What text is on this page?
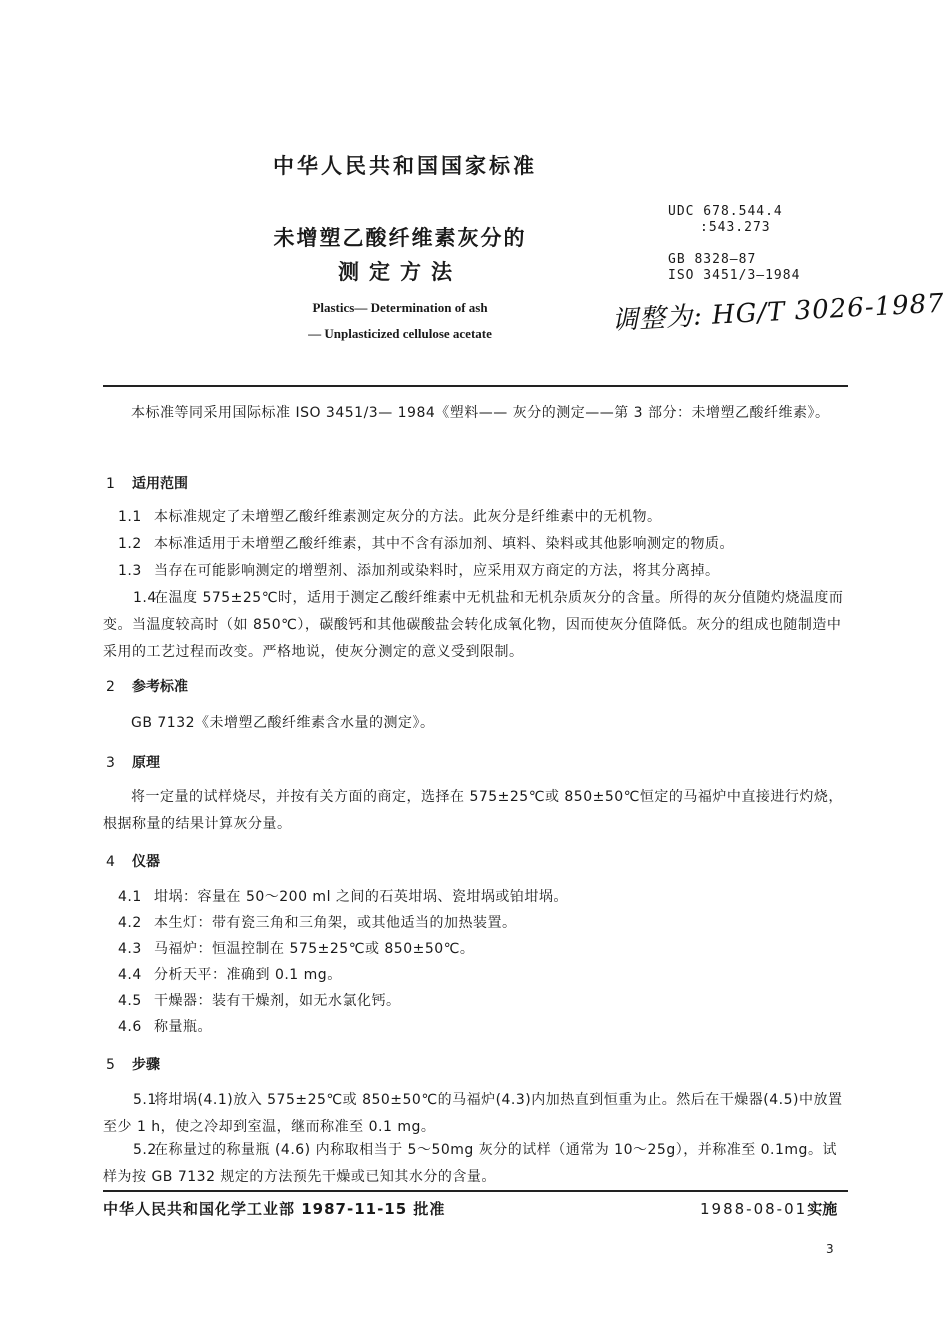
中华人民共和国国家标准
未增塑乙酸纤维素灰分的
测定方法
Plastics— Determination of ash
— Unplasticized cellulose acetate
UDC 678.544.4
:543.273
GB 8328—87
ISO 3451/3—1984
调整为: HG/T 3026-1987
本标准等同采用国际标准 ISO 3451/3— 1984《塑料—— 灰分的测定——第 3 部分：未增塑乙酸纤维素》。
1 适用范围
1.1 本标准规定了未增塑乙酸纤维素测定灰分的方法。此灰分是纤维素中的无机物。
1.2 本标准适用于未增塑乙酸纤维素，其中不含有添加剂、填料、染料或其他影响测定的物质。
1.3 当存在可能影响测定的增塑剂、添加剂或染料时，应采用双方商定的方法，将其分离掉。
1.4在温度 575±25℃时，适用于测定乙酸纤维素中无机盐和无机杂质灰分的含量。所得的灰分值随灼烧温度而变。当温度较高时（如 850℃），碳酸钙和其他碳酸盐会转化成氧化物，因而使灰分值降低。灰分的组成也随制造中采用的工艺过程而改变。严格地说，使灰分测定的意义受到限制。
2 参考标准
GB 7132《未增塑乙酸纤维素含水量的测定》。
3 原理
将一定量的试样烧尽，并按有关方面的商定，选择在 575±25℃或 850±50℃恒定的马福炉中直接进行灼烧，根据称量的结果计算灰分量。
4 仪器
4.1 坩埚：容量在 50～200 ml 之间的石英坩埚、瓷坩埚或铂坩埚。
4.2 本生灯：带有瓷三角和三角架，或其他适当的加热装置。
4.3 马福炉：恒温控制在 575±25℃或 850±50℃。
4.4 分析天平：准确到 0.1 mg。
4.5 干燥器：装有干燥剂，如无水氯化钙。
4.6 称量瓶。
5 步骤
5.1将坩埚(4.1)放入 575±25℃或 850±50℃的马福炉(4.3)内加热直到恒重为止。然后在干燥器(4.5)中放置至少 1 h，使之冷却到室温，继而称准至 0.1 mg。
5.2在称量过的称量瓶 (4.6) 内称取相当于 5～50mg 灰分的试样（通常为 10～25g），并称准至 0.1mg。试样为按 GB 7132 规定的方法预先干燥或已知其水分的含量。
中华人民共和国化学工业部 1987-11-15 批准	1988-08-01实施
3
